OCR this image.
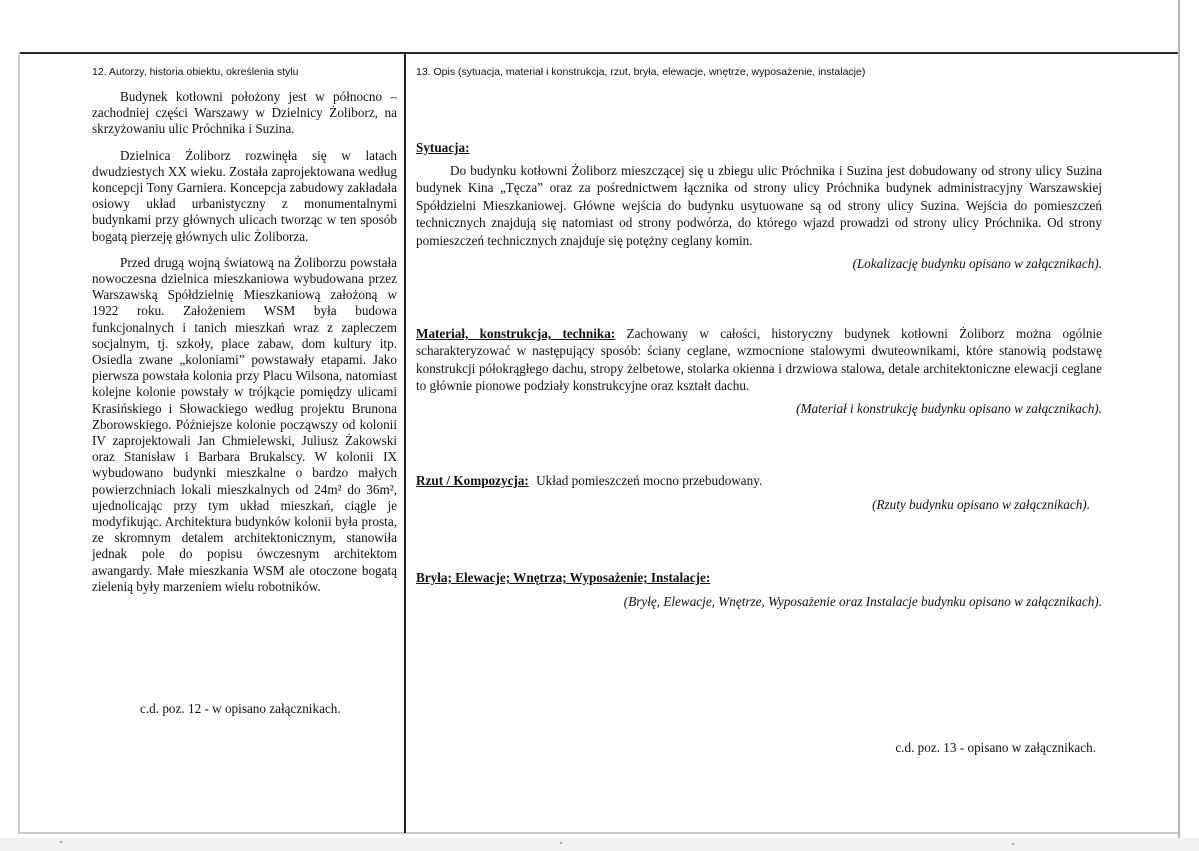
12. Autorzy, historia obiektu, określenia stylu

Budynek kotłowni położony jest w północno – zachodniej części Warszawy w Dzielnicy Żoliborz, na skrzyżowaniu ulic Próchnika i Suzina.

Dzielnica Żoliborz rozwinęła się w latach dwudziestych XX wieku. Została zaprojektowana według koncepcji Tony Garniera. Koncepcja zabudowy zakładała osiowy układ urbanistyczny z monumentalnymi budynkami przy głównych ulicach tworząc w ten sposób bogatą pierzeję głównych ulic Żoliborza.

Przed drugą wojną światową na Żoliborzu powstała nowoczesna dzielnica mieszkaniowa wybudowana przez Warszawską Spółdzielnię Mieszkaniową założoną w 1922 roku. Założeniem WSM była budowa funkcjonalnych i tanich mieszkań wraz z zapleczem socjalnym, tj. szkoły, place zabaw, dom kultury itp. Osiedla zwane „koloniami” powstawały etapami. Jako pierwsza powstała kolonia przy Placu Wilsona, natomiast kolejne kolonie powstały w trójkącie pomiędzy ulicami Krasińskiego i Słowackiego według projektu Brunona Zborowskiego. Późniejsze kolonie począwszy od kolonii IV zaprojektowali Jan Chmielewski, Juliusz Żakowski oraz Stanisław i Barbara Brukalscy. W kolonii IX wybudowano budynki mieszkalne o bardzo małych powierzchniach lokali mieszkalnych od 24m² do 36m², ujednolicając przy tym układ mieszkań, ciągle je modyfikując. Architektura budynków kolonii była prosta, ze skromnym detalem architektonicznym, stanowiła jednak pole do popisu ówczesnym architektom awangardy. Małe mieszkania WSM ale otoczone bogatą zielenią były marzeniem wielu robotników.

c.d. poz. 12 - w opisano załącznikach.

13. Opis (sytuacja, materiał i konstrukcja, rzut, bryła, elewacje, wnętrze, wyposażenie, instalacje)

Sytuacja:

Do budynku kotłowni Żoliborz mieszczącej się u zbiegu ulic Próchnika i Suzina jest dobudowany od strony ulicy Suzina budynek Kina „Tęcza” oraz za pośrednictwem łącznika od strony ulicy Próchnika budynek administracyjny Warszawskiej Spółdzielni Mieszkaniowej. Główne wejścia do budynku usytuowane są od strony ulicy Suzina. Wejścia do pomieszczeń technicznych znajdują się natomiast od strony podwórza, do którego wjazd prowadzi od strony ulicy Próchnika. Od strony pomieszczeń technicznych znajduje się potężny ceglany komin.

(Lokalizację budynku opisano w załącznikach).

Materiał, konstrukcja, technika: Zachowany w całości, historyczny budynek kotłowni Żoliborz można ogólnie scharakteryzować w następujący sposób: ściany ceglane, wzmocnione stalowymi dwuteownikami, które stanowią podstawę konstrukcji półokrągłego dachu, stropy żelbetowe, stolarka okienna i drzwiowa stalowa, detale architektoniczne elewacji ceglane to głównie pionowe podziały konstrukcyjne oraz kształt dachu.

(Materiał i konstrukcję budynku opisano w załącznikach).

Rzut / Kompozycja: Układ pomieszczeń mocno przebudowany.

(Rzuty budynku opisano w załącznikach).

Bryła; Elewacje; Wnętrza; Wyposażenie; Instalacje:

(Bryłę, Elewacje, Wnętrze, Wyposażenie oraz Instalacje budynku opisano w załącznikach).

c.d. poz. 13 - opisano w załącznikach.
